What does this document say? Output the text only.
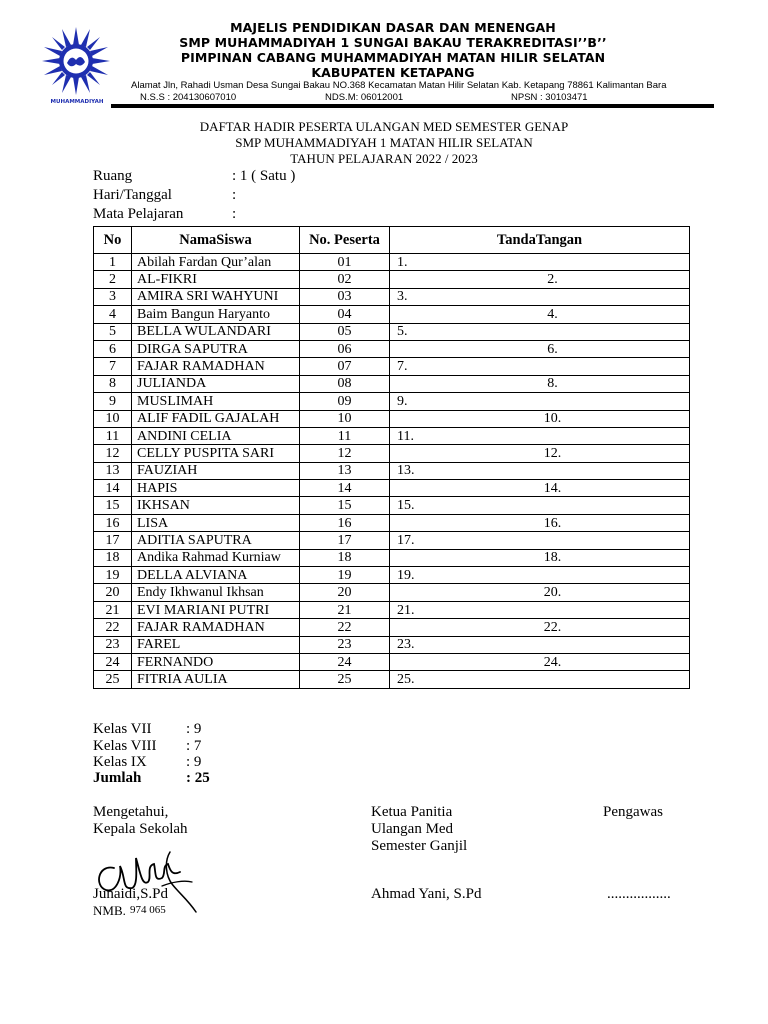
MUHAMMADIYAH
MAJELIS PENDIDIKAN DASAR DAN MENENGAH
SMP MUHAMMADIYAH 1 SUNGAI BAKAU TERAKREDITASI’’B’’
PIMPINAN CABANG MUHAMMADIYAH MATAN HILIR SELATAN
KABUPATEN KETAPANG
Alamat Jln, Rahadi Usman Desa Sungai Bakau NO.368 Kecamatan Matan Hilir Selatan Kab. Ketapang 78861 Kalimantan Bara
N.S.S : 204130607010	NDS.M: 06012001	NPSN : 30103471
DAFTAR HADIR PESERTA ULANGAN MED SEMESTER GENAP
SMP MUHAMMADIYAH 1 MATAN HILIR SELATAN
TAHUN PELAJARAN 2022 / 2023
Ruang	: 1 ( Satu )
Hari/Tanggal	:
Mata Pelajaran	:
No	NamaSiswa	No. Peserta	TandaTangan
1	Abilah Fardan Qur’alan	01	1.
2	AL-FIKRI	02	2.
3	AMIRA SRI WAHYUNI	03	3.
4	Baim Bangun Haryanto	04	4.
5	BELLA WULANDARI	05	5.
6	DIRGA SAPUTRA	06	6.
7	FAJAR RAMADHAN	07	7.
8	JULIANDA	08	8.
9	MUSLIMAH	09	9.
10	ALIF FADIL GAJALAH	10	10.
11	ANDINI CELIA	11	11.
12	CELLY PUSPITA SARI	12	12.
13	FAUZIAH	13	13.
14	HAPIS	14	14.
15	IKHSAN	15	15.
16	LISA	16	16.
17	ADITIA SAPUTRA	17	17.
18	Andika Rahmad Kurniaw	18	18.
19	DELLA ALVIANA	19	19.
20	Endy Ikhwanul Ikhsan	20	20.
21	EVI MARIANI PUTRI	21	21.
22	FAJAR RAMADHAN	22	22.
23	FAREL	23	23.
24	FERNANDO	24	24.
25	FITRIA AULIA	25	25.
Kelas VII : 9
Kelas VIII : 7
Kelas IX	: 9
Jumlah	: 25
Mengetahui,
Kepala Sekolah
Junaidi,S.Pd
NMB. 974 065
Ketua Panitia
Ulangan Med
Semester Ganjil
Ahmad Yani, S.Pd
Pengawas
.................
